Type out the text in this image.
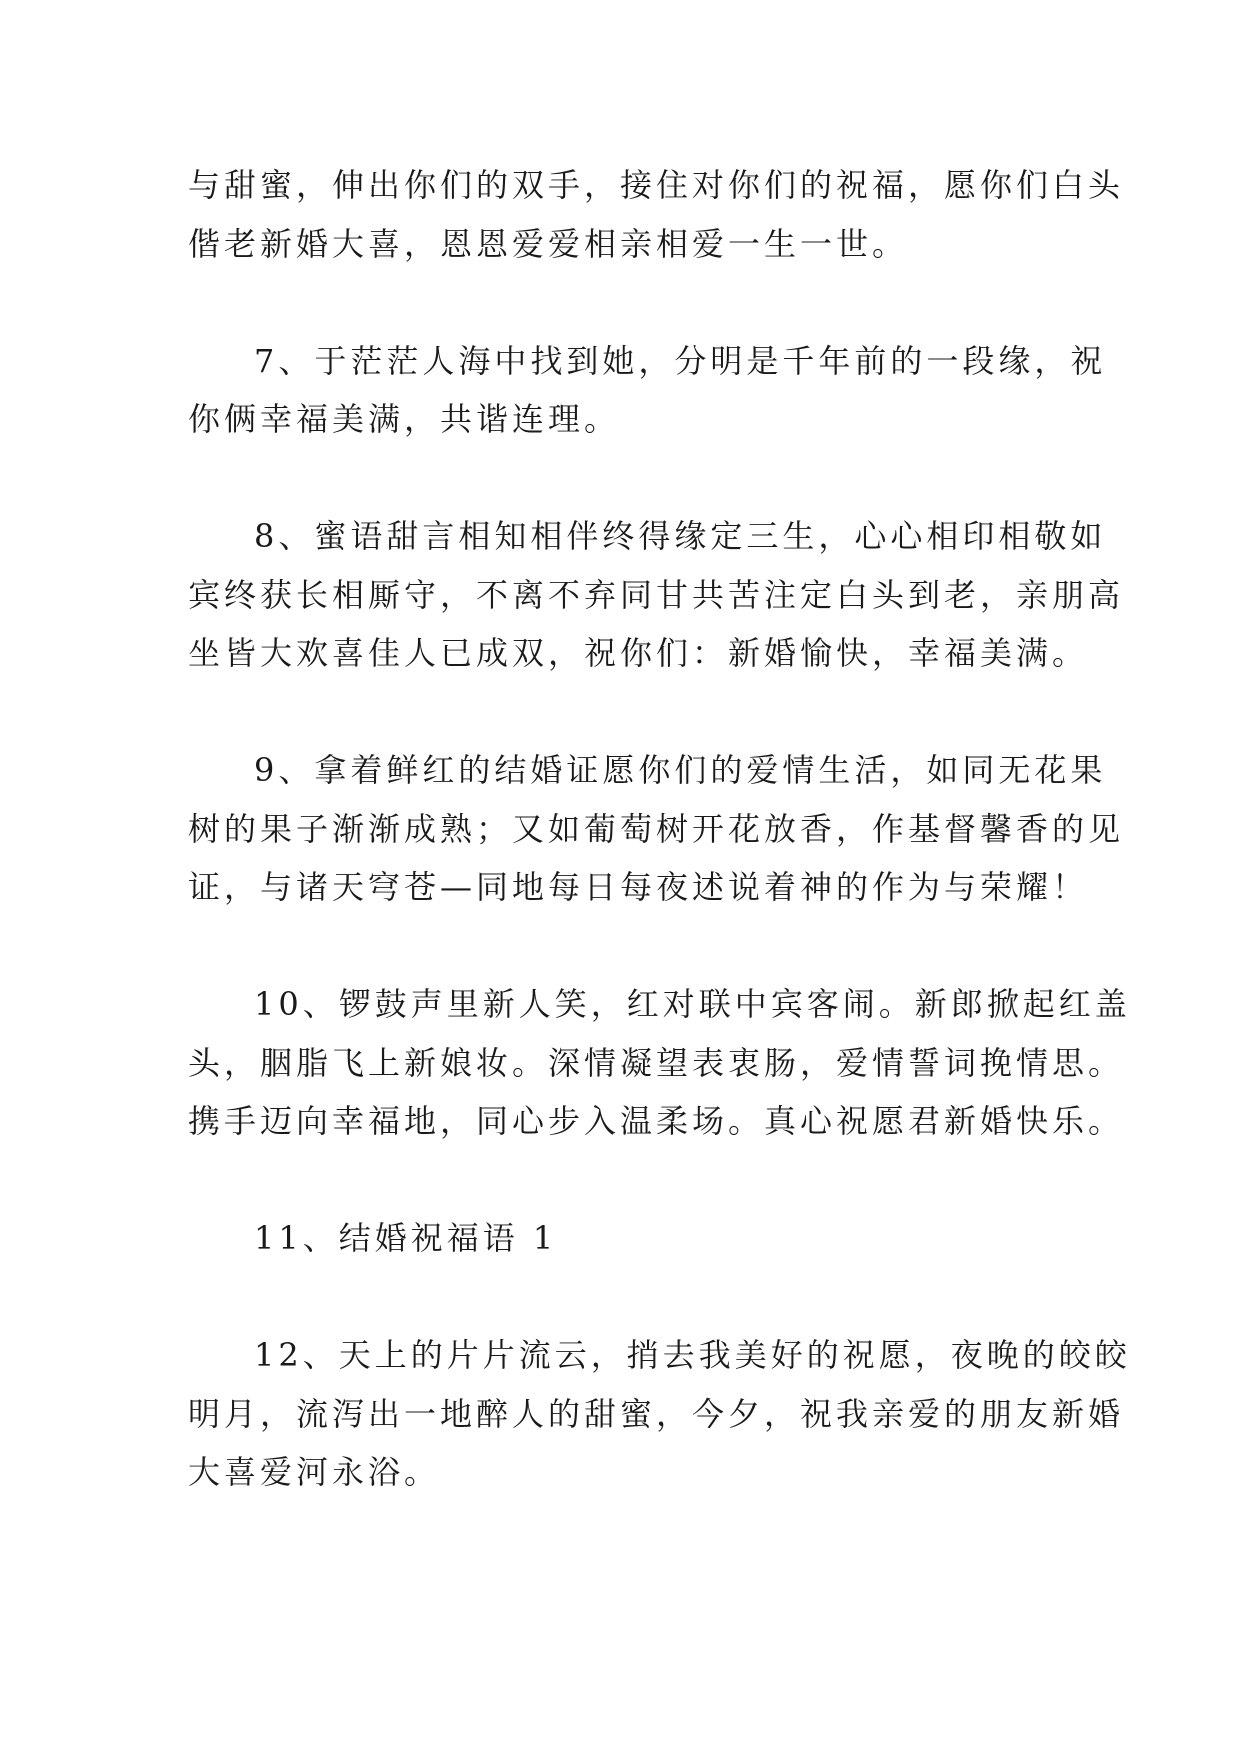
与甜蜜，伸出你们的双手，接住对你们的祝福，愿你们白头
偕老新婚大喜，恩恩爱爱相亲相爱一生一世。

7、于茫茫人海中找到她，分明是千年前的一段缘，祝
你俩幸福美满，共谐连理。

8、蜜语甜言相知相伴终得缘定三生，心心相印相敬如
宾终获长相厮守，不离不弃同甘共苦注定白头到老，亲朋高
坐皆大欢喜佳人已成双，祝你们：新婚愉快，幸福美满。

9、拿着鲜红的结婚证愿你们的爱情生活，如同无花果
树的果子渐渐成熟；又如葡萄树开花放香，作基督馨香的见
证，与诸天穹苍—同地每日每夜述说着神的作为与荣耀！

10、锣鼓声里新人笑，红对联中宾客闹。新郎掀起红盖
头，胭脂飞上新娘妆。深情凝望表衷肠，爱情誓词挽情思。
携手迈向幸福地，同心步入温柔场。真心祝愿君新婚快乐。

11、结婚祝福语 1

12、天上的片片流云，捎去我美好的祝愿，夜晚的皎皎
明月，流泻出一地醉人的甜蜜，今夕，祝我亲爱的朋友新婚
大喜爱河永浴。
